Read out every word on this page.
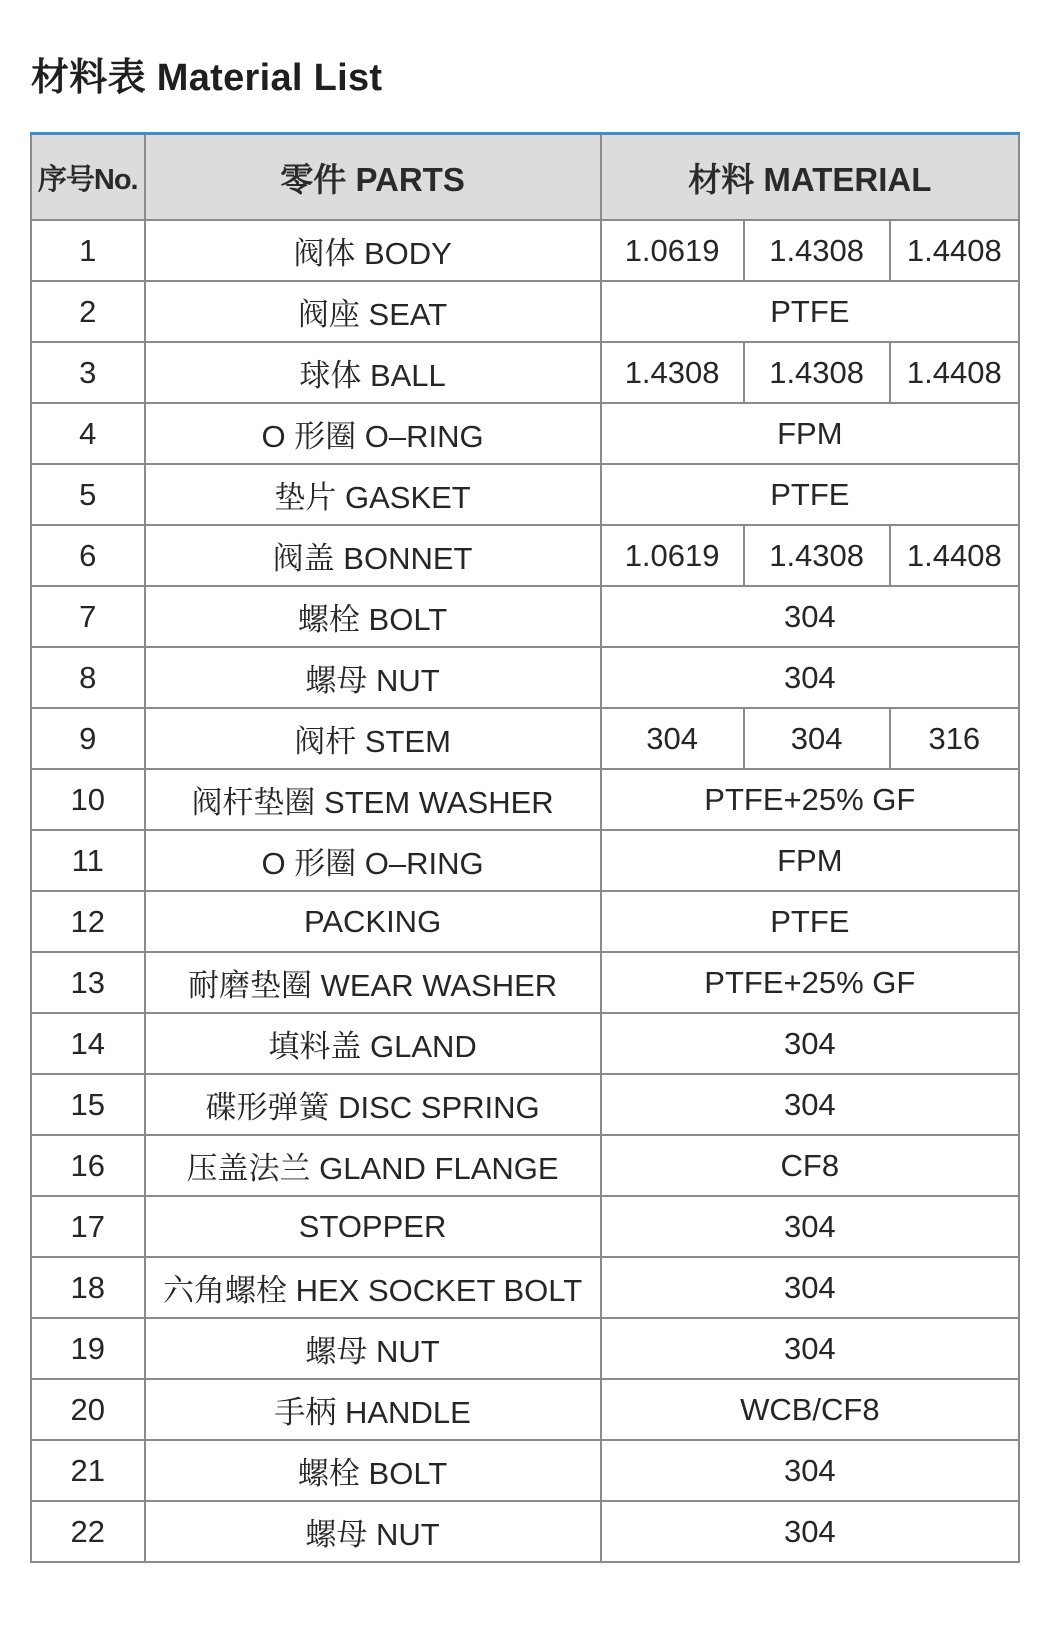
材料表 Material List
序号No.	零件 PARTS	材料 MATERIAL		
1	阀体 BODY	1.0619	1.4308	1.4408
2	阀座 SEAT	PTFE		
3	球体 BALL	1.4308	1.4308	1.4408
4	O 形圈 O–RING	FPM		
5	垫片 GASKET	PTFE		
6	阀盖 BONNET	1.0619	1.4308	1.4408
7	螺栓 BOLT	304		
8	螺母 NUT	304		
9	阀杆 STEM	304	304	316
10	阀杆垫圈 STEM WASHER	PTFE+25% GF		
11	O 形圈 O–RING	FPM		
12	PACKING	PTFE		
13	耐磨垫圈 WEAR WASHER	PTFE+25% GF		
14	填料盖 GLAND	304		
15	碟形弹簧 DISC SPRING	304		
16	压盖法兰 GLAND FLANGE	CF8		
17	STOPPER	304		
18	六角螺栓 HEX SOCKET BOLT	304		
19	螺母 NUT	304		
20	手柄 HANDLE	WCB/CF8		
21	螺栓 BOLT	304		
22	螺母 NUT	304		
